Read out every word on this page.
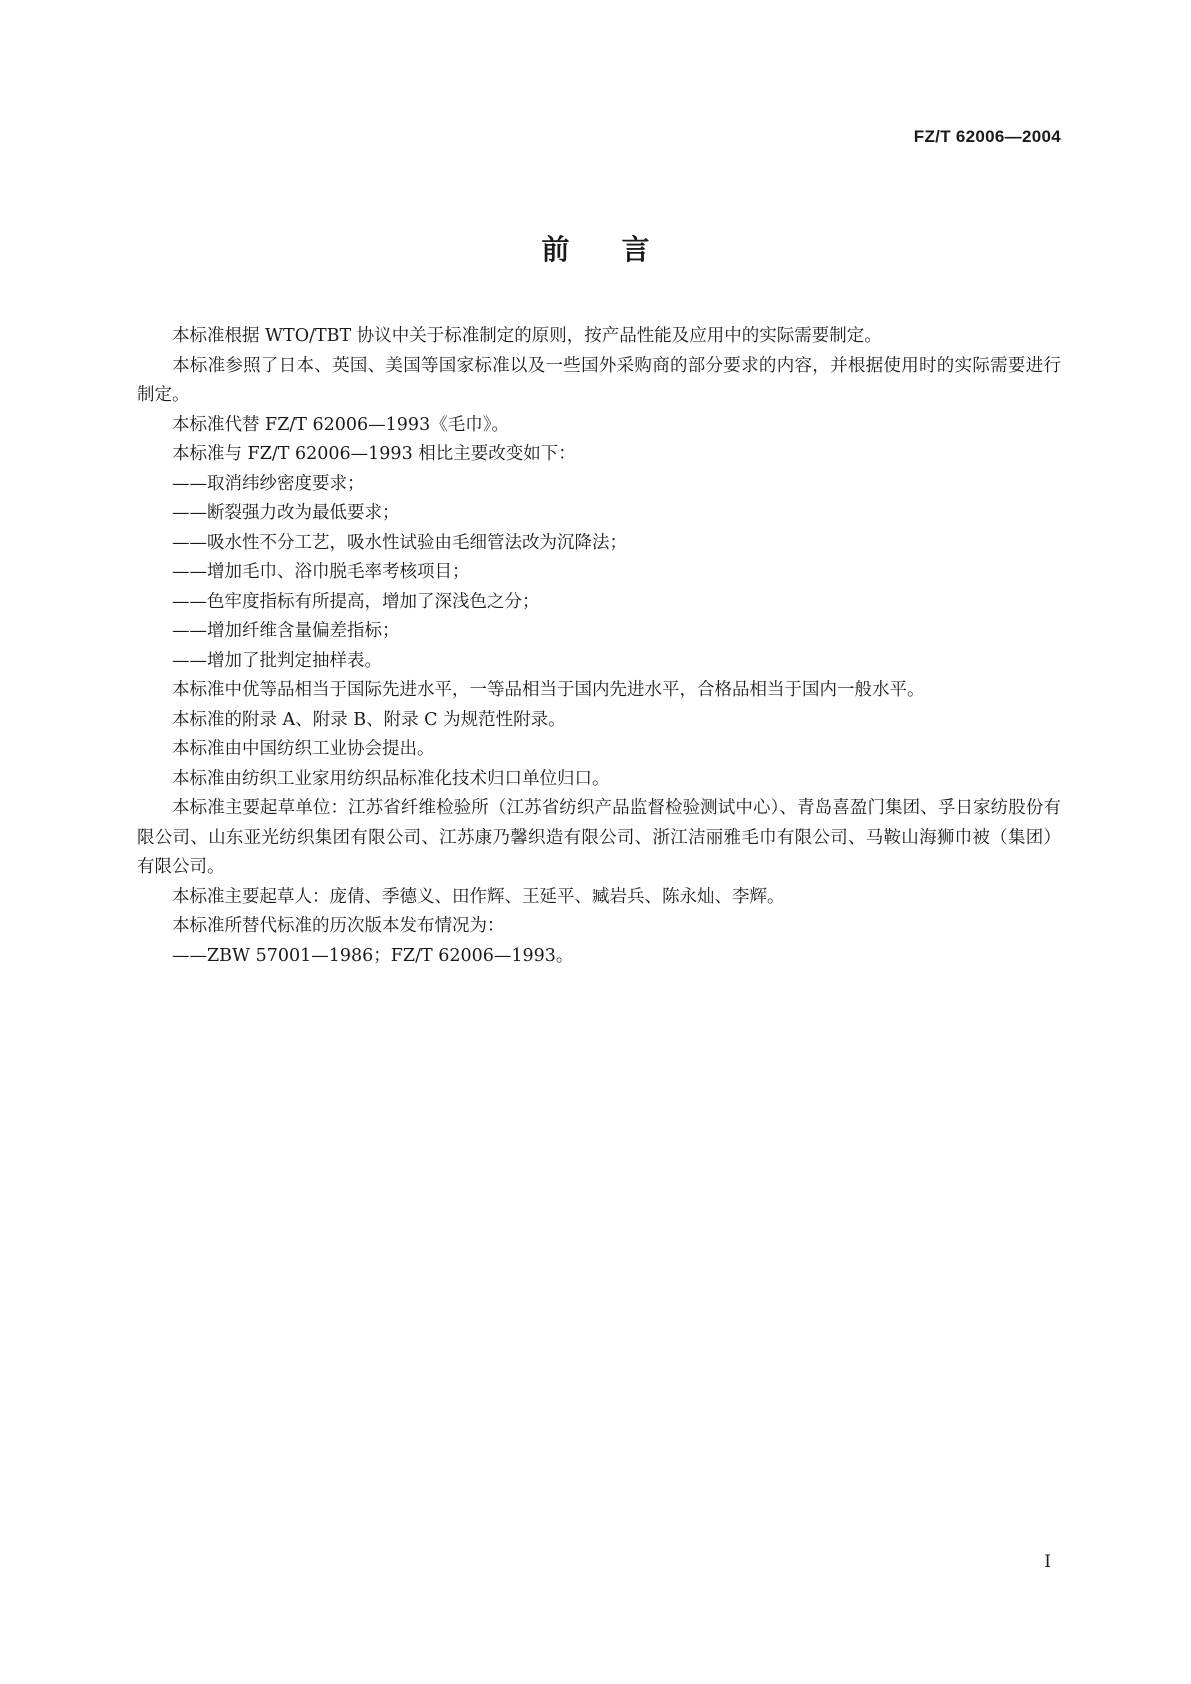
FZ/T 62006—2004
前言

本标准根据 WTO/TBT 协议中关于标准制定的原则，按产品性能及应用中的实际需要制定。

本标准参照了日本、英国、美国等国家标准以及一些国外采购商的部分要求的内容，并根据使用时的实际需要进行制定。

本标准代替 FZ/T 62006—1993《毛巾》。

本标准与 FZ/T 62006—1993 相比主要改变如下：

——取消纬纱密度要求；

——断裂强力改为最低要求；

——吸水性不分工艺，吸水性试验由毛细管法改为沉降法；

——增加毛巾、浴巾脱毛率考核项目；

——色牢度指标有所提高，增加了深浅色之分；

——增加纤维含量偏差指标；

——增加了批判定抽样表。

本标准中优等品相当于国际先进水平，一等品相当于国内先进水平，合格品相当于国内一般水平。

本标准的附录 A、附录 B、附录 C 为规范性附录。

本标准由中国纺织工业协会提出。

本标准由纺织工业家用纺织品标准化技术归口单位归口。

本标准主要起草单位：江苏省纤维检验所（江苏省纺织产品监督检验测试中心）、青岛喜盈门集团、孚日家纺股份有限公司、山东亚光纺织集团有限公司、江苏康乃馨织造有限公司、浙江洁丽雅毛巾有限公司、马鞍山海狮巾被（集团）有限公司。

本标准主要起草人：庞倩、季德义、田作辉、王延平、臧岩兵、陈永灿、李辉。

本标准所替代标准的历次版本发布情况为：

——ZBW 57001—1986；FZ/T 62006—1993。

I
